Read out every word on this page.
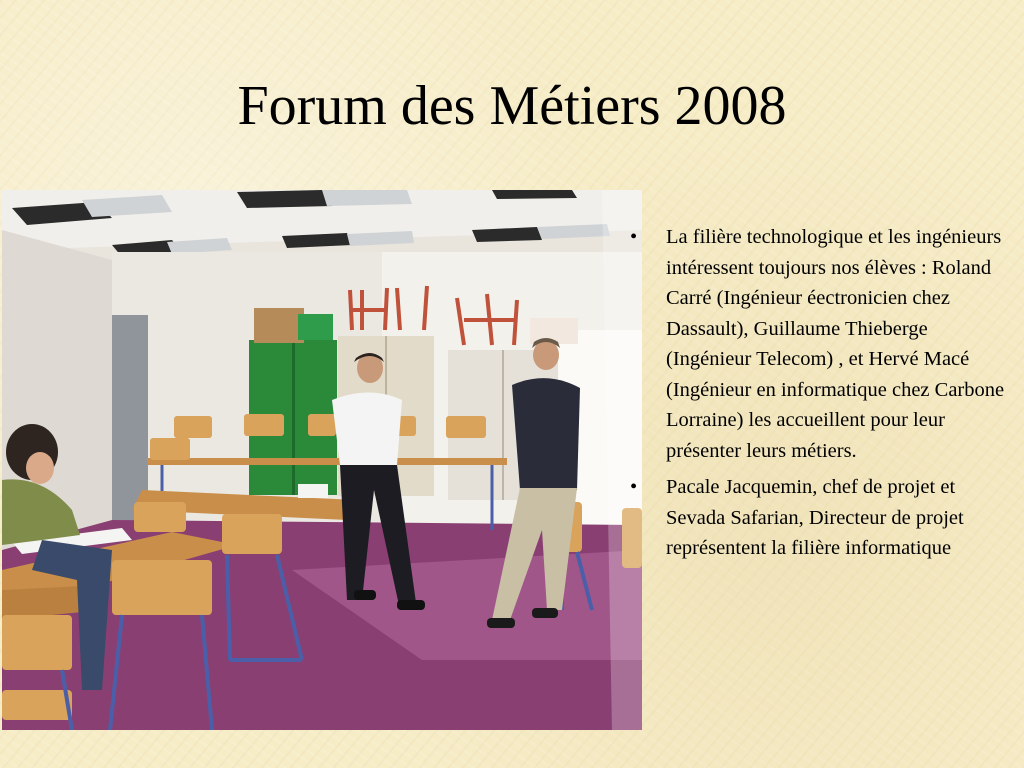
Forum des Métiers 2008
• La filière technologique et les ingénieurs intéressent toujours nos élèves : Roland Carré (Ingénieur éectronicien chez Dassault), Guillaume Thieberge (Ingénieur Telecom) , et Hervé Macé (Ingénieur en informatique chez Carbone Lorraine) les accueillent pour leur présenter leurs métiers.
• Pacale Jacquemin, chef de projet et Sevada Safarian, Directeur de projet représentent la filière informatique
